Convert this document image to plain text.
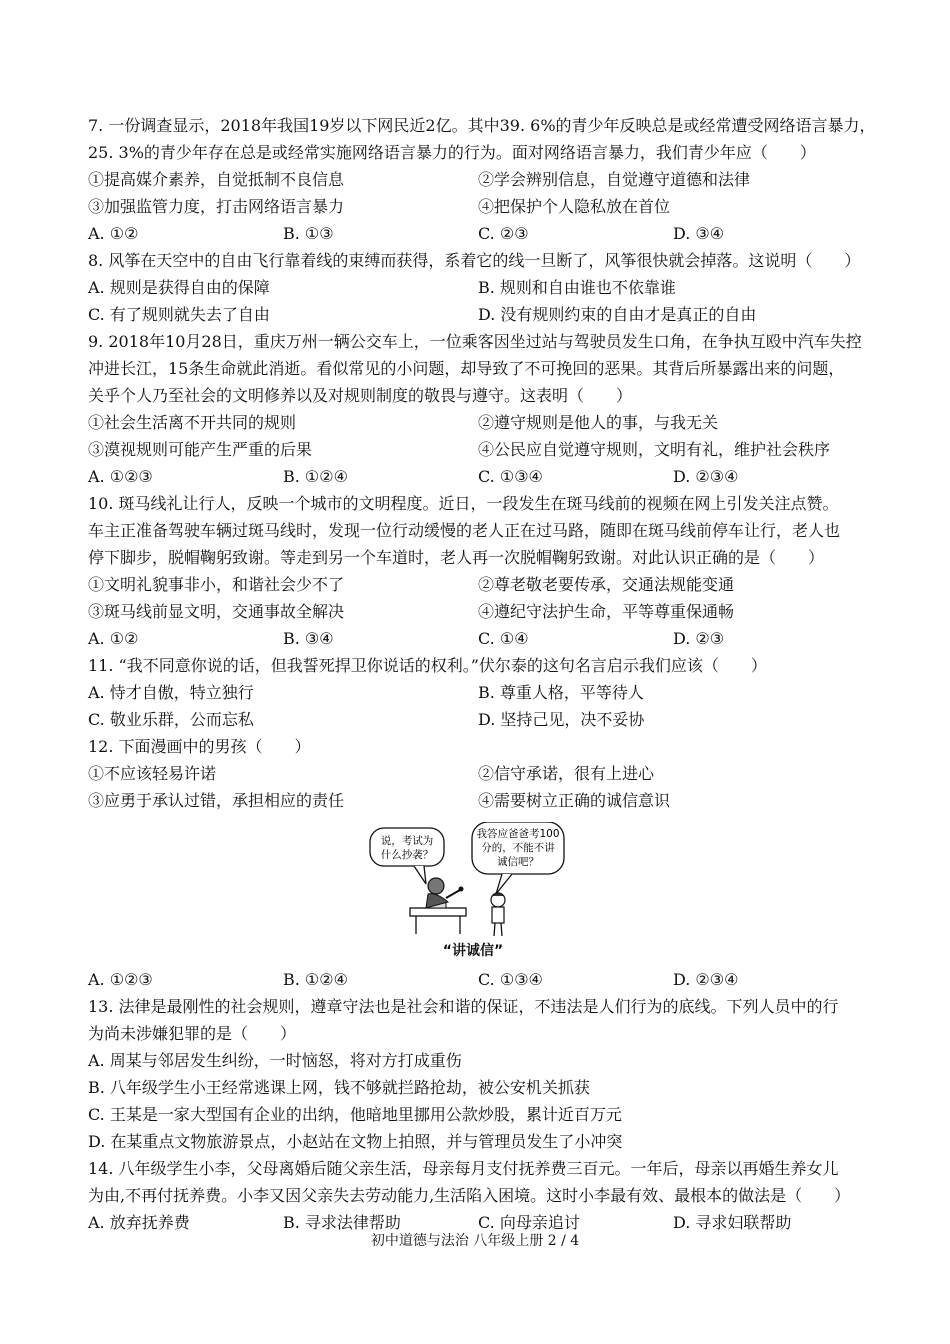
7. 一份调查显示，2018年我国19岁以下网民近2亿。其中39. 6%的青少年反映总是或经常遭受网络语言暴力，
25. 3%的青少年存在总是或经常实施网络语言暴力的行为。面对网络语言暴力，我们青少年应（　　）
①提高媒介素养，自觉抵制不良信息	②学会辨别信息，自觉遵守道德和法律
③加强监管力度，打击网络语言暴力	④把保护个人隐私放在首位
A. ①②	B. ①③	C. ②③	D. ③④
8. 风筝在天空中的自由飞行靠着线的束缚而获得，系着它的线一旦断了，风筝很快就会掉落。这说明（　　）
A. 规则是获得自由的保障	B. 规则和自由谁也不依靠谁
C. 有了规则就失去了自由	D. 没有规则约束的自由才是真正的自由
9. 2018年10月28日，重庆万州一辆公交车上，一位乘客因坐过站与驾驶员发生口角，在争执互殴中汽车失控
冲进长江，15条生命就此消逝。看似常见的小问题，却导致了不可挽回的恶果。其背后所暴露出来的问题，
关乎个人乃至社会的文明修养以及对规则制度的敬畏与遵守。这表明（　　）
①社会生活离不开共同的规则	②遵守规则是他人的事，与我无关
③漠视规则可能产生严重的后果	④公民应自觉遵守规则，文明有礼，维护社会秩序
A. ①②③	B. ①②④	C. ①③④	D. ②③④
10. 斑马线礼让行人，反映一个城市的文明程度。近日，一段发生在斑马线前的视频在网上引发关注点赞。
车主正准备驾驶车辆过斑马线时，发现一位行动缓慢的老人正在过马路，随即在斑马线前停车让行，老人也
停下脚步，脱帽鞠躬致谢。等走到另一个车道时，老人再一次脱帽鞠躬致谢。对此认识正确的是（　　）
①文明礼貌事非小，和谐社会少不了	②尊老敬老要传承，交通法规能变通
③斑马线前显文明，交通事故全解决	④遵纪守法护生命，平等尊重保通畅
A. ①②	B. ③④	C. ①④	D. ②③
11. “我不同意你说的话，但我誓死捍卫你说话的权利。”伏尔泰的这句名言启示我们应该（　　）
A. 恃才自傲，特立独行	B. 尊重人格，平等待人
C. 敬业乐群，公而忘私	D. 坚持己见，决不妥协
12. 下面漫画中的男孩（　　）
①不应该轻易许诺	②信守承诺，很有上进心
③应勇于承认过错，承担相应的责任	④需要树立正确的诚信意识
说，考试为
什么抄袭？
我答应爸爸考100
分的，不能不讲
诚信吧？
“讲诚信”
A. ①②③	B. ①②④	C. ①③④	D. ②③④
13. 法律是最刚性的社会规则，遵章守法也是社会和谐的保证，不违法是人们行为的底线。下列人员中的行
为尚未涉嫌犯罪的是（　　）
A. 周某与邻居发生纠纷，一时恼怒，将对方打成重伤
B. 八年级学生小王经常逃课上网，钱不够就拦路抢劫，被公安机关抓获
C. 王某是一家大型国有企业的出纳，他暗地里挪用公款炒股，累计近百万元
D. 在某重点文物旅游景点，小赵站在文物上拍照，并与管理员发生了小冲突
14. 八年级学生小李，父母离婚后随父亲生活，母亲每月支付抚养费三百元。一年后，母亲以再婚生养女儿
为由,不再付抚养费。小李又因父亲失去劳动能力,生活陷入困境。这时小李最有效、最根本的做法是（　　）
A. 放弃抚养费	B. 寻求法律帮助	C. 向母亲追讨	D. 寻求妇联帮助
初中道德与法治 八年级上册 2 / 4
